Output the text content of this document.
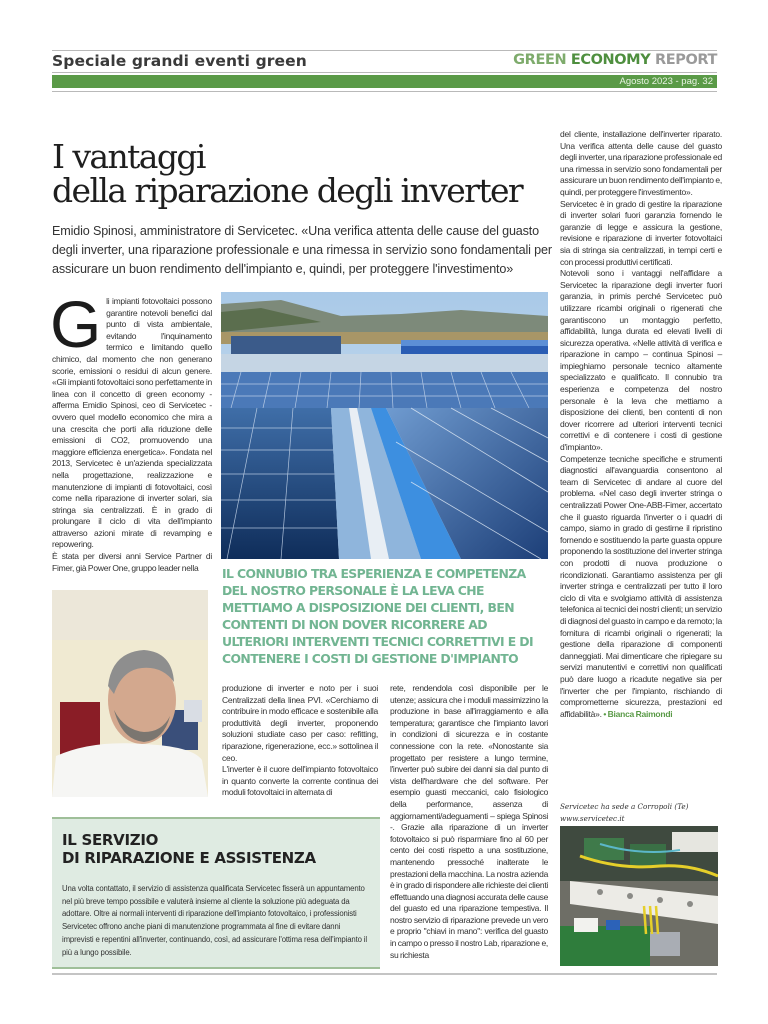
Speciale grandi eventi green	GREEN ECONOMY REPORT
Agosto 2023 - pag. 32
I vantaggi
della riparazione degli inverter

Emidio Spinosi, amministratore di Servicetec. «Una verifica attenta delle cause del guasto degli inverter, una riparazione professionale e una rimessa in servizio sono fondamentali per assicurare un buon rendimento dell'impianto e, quindi, per proteggere l'investimento»

G li impianti fotovoltaici possono garantire notevoli benefici dal punto di vista ambientale, evitando l'inquinamento termico e limitando quello chimico, dal momento che non generano scorie, emissioni o residui di alcun genere. «Gli impianti fotovoltaici sono perfettamente in linea con il concetto di green economy - afferma Emidio Spinosi, ceo di Servicetec - ovvero quel modello economico che mira a una crescita che porti alla riduzione delle emissioni di CO2, promuovendo una maggiore efficienza energetica». Fondata nel 2013, Servicetec è un'azienda specializzata nella progettazione, realizzazione e manutenzione di impianti di fotovoltaici, così come nella riparazione di inverter solari, sia stringa sia centralizzati. È in grado di prolungare il ciclo di vita dell'impianto attraverso azioni mirate di revamping e repowering.

È stata per diversi anni Service Partner di Fimer, già Power One, gruppo leader nella	IL CONNUBIO TRA ESPERIENZA E COMPETENZA DEL NOSTRO PERSONALE È LA LEVA CHE METTIAMO A DISPOSIZIONE DEI CLIENTI, BEN CONTENTI DI NON DOVER RICORRERE AD ULTERIORI INTERVENTI TECNICI CORRETTIVI E DI CONTENERE I COSTI DI GESTIONE D'IMPIANTO

produzione di inverter e noto per i suoi Centralizzati della linea PVI. «Cerchiamo di contribuire in modo efficace e sostenibile alla produttività degli inverter, proponendo soluzioni studiate caso per caso: refitting, riparazione, rigenerazione, ecc.» sottolinea il ceo.

L'inverter è il cuore dell'impianto fotovoltaico in quanto converte la corrente continua dei moduli fotovoltaici in alternata di

rete, rendendola così disponibile per le utenze; assicura che i moduli massimizzino la produzione in base all'irraggiamento e alla temperatura; garantisce che l'impianto lavori in condizioni di sicurezza e in costante connessione con la rete. «Nonostante sia progettato per resistere a lungo termine, l'inverter può subire dei danni sia dal punto di vista dell'hardware che del software. Per esempio guasti meccanici, calo fisiologico della performance, assenza di aggiornamenti/adeguamenti – spiega Spinosi -. Grazie alla riparazione di un inverter fotovoltaico si può risparmiare fino al 60 per cento dei costi rispetto a una sostituzione, mantenendo pressoché inalterate le prestazioni della macchina. La nostra azienda è in grado di rispondere alle richieste dei clienti effettuando una diagnosi accurata delle cause del guasto ed una riparazione tempestiva. Il nostro servizio di riparazione prevede un vero e proprio "chiavi in mano": verifica del guasto in campo o presso il nostro Lab, riparazione e, su richiesta

del cliente, installazione dell'inverter riparato. Una verifica attenta delle cause del guasto degli inverter, una riparazione professionale ed una rimessa in servizio sono fondamentali per assicurare un buon rendimento dell'impianto e, quindi, per proteggere l'investimento».

Servicetec è in grado di gestire la riparazione di inverter solari fuori garanzia fornendo le garanzie di legge e assicura la gestione, revisione e riparazione di inverter fotovoltaici sia di stringa sia centralizzati, in tempi certi e con processi produttivi certificati.

Notevoli sono i vantaggi nell'affidare a Servicetec la riparazione degli inverter fuori garanzia, in primis perché Servicetec può utilizzare ricambi originali o rigenerati che garantiscono un montaggio perfetto, affidabilità, lunga durata ed elevati livelli di sicurezza operativa. «Nelle attività di verifica e riparazione in campo – continua Spinosi – impieghiamo personale tecnico altamente specializzato e qualificato. Il connubio tra esperienza e competenza del nostro personale è la leva che mettiamo a disposizione dei clienti, ben contenti di non dover ricorrere ad ulteriori interventi tecnici correttivi e di contenere i costi di gestione d'impianto».

Competenze tecniche specifiche e strumenti diagnostici all'avanguardia consentono al team di Servicetec di andare al cuore del problema. «Nel caso degli inverter stringa o centralizzati Power One-ABB-Fimer, accertato che il guasto riguarda l'inverter o i quadri di campo, siamo in grado di gestirne il ripristino fornendo e sostituendo la parte guasta oppure proponendo la sostituzione del inverter stringa con prodotti di nuova produzione o ricondizionati. Garantiamo assistenza per gli inverter stringa e centralizzati per tutto il loro ciclo di vita e svolgiamo attività di assistenza telefonica ai tecnici dei nostri clienti; un servizio di diagnosi del guasto in campo e da remoto; la fornitura di ricambi originali o rigenerati; la gestione della riparazione di componenti danneggiati. Mai dimenticare che ripiegare su servizi manutentivi e correttivi non qualificati può dare luogo a ricadute negative sia per l'inverter che per l'impianto, rischiando di comprometterne sicurezza, prestazioni ed affidabilità». • Bianca Raimondi

IL SERVIZIO
DI RIPARAZIONE E ASSISTENZA

Una volta contattato, il servizio di assistenza qualificata Servicetec fisserà un appuntamento nel più breve tempo possibile e valuterà insieme al cliente la soluzione più adeguata da adottare. Oltre ai normali interventi di riparazione dell'impianto fotovoltaico, i professionisti Servicetec offrono anche piani di manutenzione programmata al fine di evitare danni imprevisti e repentini all'inverter, continuando, così, ad assicurare l'ottima resa dell'impianto il più a lungo possibile.

Servicetec ha sede a Corropoli (Te)
www.servicetec.it
